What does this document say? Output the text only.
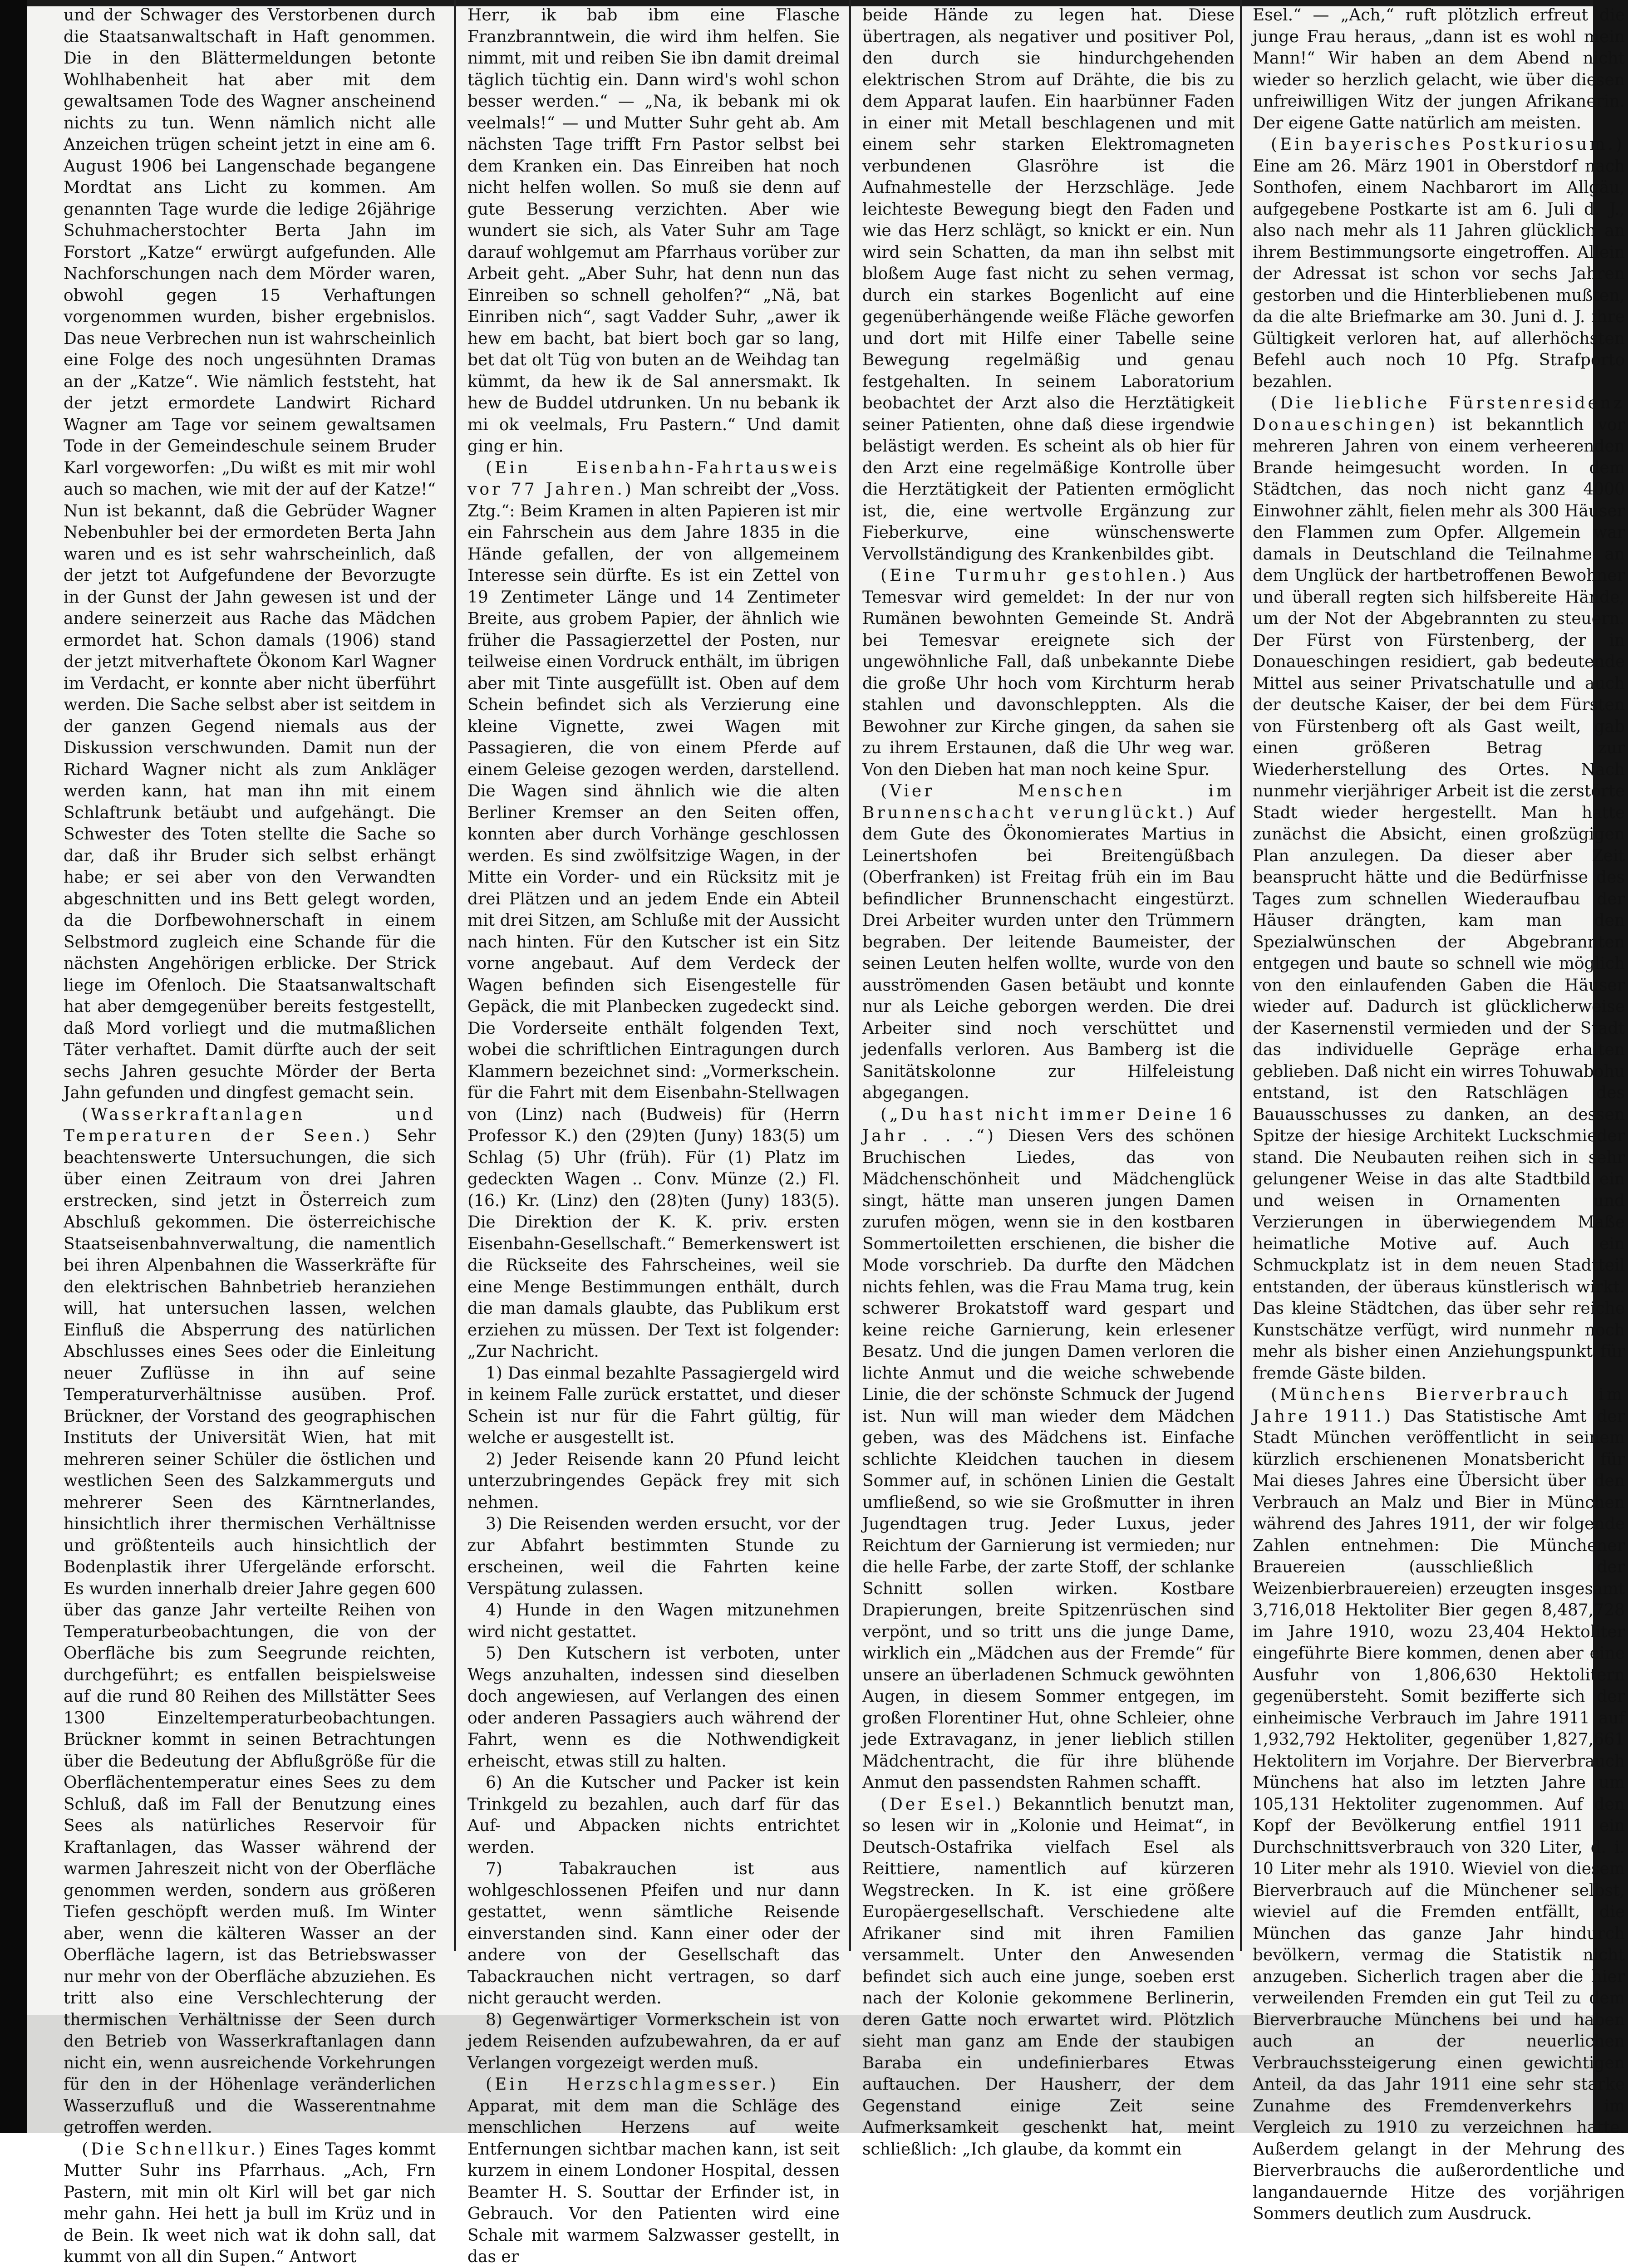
und der Schwager des Verstorbenen durch die Staatsanwaltschaft in Haft genommen. Die in den Blättermeldungen betonte Wohlhabenheit hat aber mit dem gewaltsamen Tode des Wagner anscheinend nichts zu tun. Wenn nämlich nicht alle Anzeichen trügen scheint jetzt in eine am 6. August 1906 bei Langenschade begangene Mordtat ans Licht zu kommen. Am genannten Tage wurde die ledige 26jährige Schuhmacherstochter Berta Jahn im Forstort „Katze“ erwürgt aufgefunden. Alle Nachforschungen nach dem Mörder waren, obwohl gegen 15 Verhaftungen vorgenommen wurden, bisher ergebnislos. Das neue Verbrechen nun ist wahrscheinlich eine Folge des noch ungesühnten Dramas an der „Katze“. Wie nämlich feststeht, hat der jetzt ermordete Landwirt Richard Wagner am Tage vor seinem gewaltsamen Tode in der Gemeindeschule seinem Bruder Karl vorgeworfen: „Du wißt es mit mir wohl auch so machen, wie mit der auf der Katze!“ Nun ist bekannt, daß die Gebrüder Wagner Nebenbuhler bei der ermordeten Berta Jahn waren und es ist sehr wahrscheinlich, daß der jetzt tot Aufgefundene der Bevorzugte in der Gunst der Jahn gewesen ist und der andere seinerzeit aus Rache das Mädchen ermordet hat. Schon damals (1906) stand der jetzt mitverhaftete Ökonom Karl Wagner im Verdacht, er konnte aber nicht überführt werden. Die Sache selbst aber ist seitdem in der ganzen Gegend niemals aus der Diskussion verschwunden. Damit nun der Richard Wagner nicht als zum Ankläger werden kann, hat man ihn mit einem Schlaftrunk betäubt und aufgehängt. Die Schwester des Toten stellte die Sache so dar, daß ihr Bruder sich selbst erhängt habe; er sei aber von den Verwandten abgeschnitten und ins Bett gelegt worden, da die Dorfbewohnerschaft in einem Selbstmord zugleich eine Schande für die nächsten Angehörigen erblicke. Der Strick liege im Ofenloch. Die Staatsanwaltschaft hat aber demgegenüber bereits festgestellt, daß Mord vorliegt und die mutmaßlichen Täter verhaftet. Damit dürfte auch der seit sechs Jahren gesuchte Mörder der Berta Jahn gefunden und dingfest gemacht sein.

(Wasserkraftanlagen und Temperaturen der Seen.) Sehr beachtenswerte Untersuchungen, die sich über einen Zeitraum von drei Jahren erstrecken, sind jetzt in Österreich zum Abschluß gekommen. Die österreichische Staatseisenbahnverwaltung, die namentlich bei ihren Alpenbahnen die Wasserkräfte für den elektrischen Bahnbetrieb heranziehen will, hat untersuchen lassen, welchen Einfluß die Absperrung des natürlichen Abschlusses eines Sees oder die Einleitung neuer Zuflüsse in ihn auf seine Temperaturverhältnisse ausüben. Prof. Brückner, der Vorstand des geographischen Instituts der Universität Wien, hat mit mehreren seiner Schüler die östlichen und westlichen Seen des Salzkammerguts und mehrerer Seen des Kärntnerlandes, hinsichtlich ihrer thermischen Verhältnisse und größtenteils auch hinsichtlich der Bodenplastik ihrer Ufergelände erforscht. Es wurden innerhalb dreier Jahre gegen 600 über das ganze Jahr verteilte Reihen von Temperaturbeobachtungen, die von der Oberfläche bis zum Seegrunde reichten, durchgeführt; es entfallen beispielsweise auf die rund 80 Reihen des Millstätter Sees 1300 Einzeltemperaturbeobachtungen. Brückner kommt in seinen Betrachtungen über die Bedeutung der Abflußgröße für die Oberflächentemperatur eines Sees zu dem Schluß, daß im Fall der Benutzung eines Sees als natürliches Reservoir für Kraftanlagen, das Wasser während der warmen Jahreszeit nicht von der Oberfläche genommen werden, sondern aus größeren Tiefen geschöpft werden muß. Im Winter aber, wenn die kälteren Wasser an der Oberfläche lagern, ist das Betriebswasser nur mehr von der Oberfläche abzuziehen. Es tritt also eine Verschlechterung der thermischen Verhältnisse der Seen durch den Betrieb von Wasserkraftanlagen dann nicht ein, wenn ausreichende Vorkehrungen für den in der Höhenlage veränderlichen Wasserzufluß und die Wasserentnahme getroffen werden.

(Die Schnellkur.) Eines Tages kommt Mutter Suhr ins Pfarrhaus. „Ach, Frn Pastern, mit min olt Kirl will bet gar nich mehr gahn. Hei hett ja bull im Krüz und in de Bein. Ik weet nich wat ik dohn sall, dat kummt von all din Supen.“ Antwort

Herr, ik bab ibm eine Flasche Franzbranntwein, die wird ihm helfen. Sie nimmt, mit und reiben Sie ibn damit dreimal täglich tüchtig ein. Dann wird's wohl schon besser werden.“ — „Na, ik bebank mi ok veelmals!“ — und Mutter Suhr geht ab. Am nächsten Tage trifft Frn Pastor selbst bei dem Kranken ein. Das Einreiben hat noch nicht helfen wollen. So muß sie denn auf gute Besserung verzichten. Aber wie wundert sie sich, als Vater Suhr am Tage darauf wohlgemut am Pfarrhaus vorüber zur Arbeit geht. „Aber Suhr, hat denn nun das Einreiben so schnell geholfen?“ „Nä, bat Einriben nich“, sagt Vadder Suhr, „awer ik hew em bacht, bat biert boch gar so lang, bet dat olt Tüg von buten an de Weihdag tan kümmt, da hew ik de Sal annersmakt. Ik hew de Buddel utdrunken. Un nu bebank ik mi ok veelmals, Fru Pastern.“ Und damit ging er hin.

(Ein Eisenbahn-Fahrtausweis vor 77 Jahren.) Man schreibt der „Voss. Ztg.“: Beim Kramen in alten Papieren ist mir ein Fahrschein aus dem Jahre 1835 in die Hände gefallen, der von allgemeinem Interesse sein dürfte. Es ist ein Zettel von 19 Zentimeter Länge und 14 Zentimeter Breite, aus grobem Papier, der ähnlich wie früher die Passagierzettel der Posten, nur teilweise einen Vordruck enthält, im übrigen aber mit Tinte ausgefüllt ist. Oben auf dem Schein befindet sich als Verzierung eine kleine Vignette, zwei Wagen mit Passagieren, die von einem Pferde auf einem Geleise gezogen werden, darstellend. Die Wagen sind ähnlich wie die alten Berliner Kremser an den Seiten offen, konnten aber durch Vorhänge geschlossen werden. Es sind zwölfsitzige Wagen, in der Mitte ein Vorder- und ein Rücksitz mit je drei Plätzen und an jedem Ende ein Abteil mit drei Sitzen, am Schluße mit der Aussicht nach hinten. Für den Kutscher ist ein Sitz vorne angebaut. Auf dem Verdeck der Wagen befinden sich Eisengestelle für Gepäck, die mit Planbecken zugedeckt sind. Die Vorderseite enthält folgenden Text, wobei die schriftlichen Eintragungen durch Klammern bezeichnet sind: „Vormerkschein. für die Fahrt mit dem Eisenbahn-Stellwagen von (Linz) nach (Budweis) für (Herrn Professor K.) den (29)ten (Juny) 183(5) um Schlag (5) Uhr (früh). Für (1) Platz im gedeckten Wagen .. Conv. Münze (2.) Fl. (16.) Kr. (Linz) den (28)ten (Juny) 183(5). Die Direktion der K. K. priv. ersten Eisenbahn-Gesellschaft.“ Bemerkenswert ist die Rückseite des Fahrscheines, weil sie eine Menge Bestimmungen enthält, durch die man damals glaubte, das Publikum erst erziehen zu müssen. Der Text ist folgender: „Zur Nachricht.

1) Das einmal bezahlte Passagiergeld wird in keinem Falle zurück erstattet, und dieser Schein ist nur für die Fahrt gültig, für welche er ausgestellt ist.

2) Jeder Reisende kann 20 Pfund leicht unterzubringendes Gepäck frey mit sich nehmen.

3) Die Reisenden werden ersucht, vor der zur Abfahrt bestimmten Stunde zu erscheinen, weil die Fahrten keine Verspätung zulassen.

4) Hunde in den Wagen mitzunehmen wird nicht gestattet.

5) Den Kutschern ist verboten, unter Wegs anzuhalten, indessen sind dieselben doch angewiesen, auf Verlangen des einen oder anderen Passagiers auch während der Fahrt, wenn es die Nothwendigkeit erheischt, etwas still zu halten.

6) An die Kutscher und Packer ist kein Trinkgeld zu bezahlen, auch darf für das Auf- und Abpacken nichts entrichtet werden.

7) Tabakrauchen ist aus wohlgeschlossenen Pfeifen und nur dann gestattet, wenn sämtliche Reisende einverstanden sind. Kann einer oder der andere von der Gesellschaft das Tabackrauchen nicht vertragen, so darf nicht geraucht werden.

8) Gegenwärtiger Vormerkschein ist von jedem Reisenden aufzubewahren, da er auf Verlangen vorgezeigt werden muß.

(Ein Herzschlagmesser.) Ein Apparat, mit dem man die Schläge des menschlichen Herzens auf weite Entfernungen sichtbar machen kann, ist seit kurzem in einem Londoner Hospital, dessen Beamter H. S. Souttar der Erfinder ist, in Gebrauch. Vor den Patienten wird eine Schale mit warmem Salzwasser gestellt, in das er

beide Hände zu legen hat. Diese übertragen, als negativer und positiver Pol, den durch sie hindurchgehenden elektrischen Strom auf Drähte, die bis zu dem Apparat laufen. Ein haarbünner Faden in einer mit Metall beschlagenen und mit einem sehr starken Elektromagneten verbundenen Glasröhre ist die Aufnahmestelle der Herzschläge. Jede leichteste Bewegung biegt den Faden und wie das Herz schlägt, so knickt er ein. Nun wird sein Schatten, da man ihn selbst mit bloßem Auge fast nicht zu sehen vermag, durch ein starkes Bogenlicht auf eine gegenüberhängende weiße Fläche geworfen und dort mit Hilfe einer Tabelle seine Bewegung regelmäßig und genau festgehalten. In seinem Laboratorium beobachtet der Arzt also die Herztätigkeit seiner Patienten, ohne daß diese irgendwie belästigt werden. Es scheint als ob hier für den Arzt eine regelmäßige Kontrolle über die Herztätigkeit der Patienten ermöglicht ist, die, eine wertvolle Ergänzung zur Fieberkurve, eine wünschenswerte Vervollständigung des Krankenbildes gibt.

(Eine Turmuhr gestohlen.) Aus Temesvar wird gemeldet: In der nur von Rumänen bewohnten Gemeinde St. Andrä bei Temesvar ereignete sich der ungewöhnliche Fall, daß unbekannte Diebe die große Uhr hoch vom Kirchturm herab stahlen und davonschleppten. Als die Bewohner zur Kirche gingen, da sahen sie zu ihrem Erstaunen, daß die Uhr weg war. Von den Dieben hat man noch keine Spur.

(Vier Menschen im Brunnenschacht verunglückt.) Auf dem Gute des Ökonomierates Martius in Leinertshofen bei Breitengüßbach (Oberfranken) ist Freitag früh ein im Bau befindlicher Brunnenschacht eingestürzt. Drei Arbeiter wurden unter den Trümmern begraben. Der leitende Baumeister, der seinen Leuten helfen wollte, wurde von den ausströmenden Gasen betäubt und konnte nur als Leiche geborgen werden. Die drei Arbeiter sind noch verschüttet und jedenfalls verloren. Aus Bamberg ist die Sanitätskolonne zur Hilfeleistung abgegangen.

(„Du hast nicht immer Deine 16 Jahr . . .“) Diesen Vers des schönen Bruchischen Liedes, das von Mädchenschönheit und Mädchenglück singt, hätte man unseren jungen Damen zurufen mögen, wenn sie in den kostbaren Sommertoiletten erschienen, die bisher die Mode vorschrieb. Da durfte den Mädchen nichts fehlen, was die Frau Mama trug, kein schwerer Brokatstoff ward gespart und keine reiche Garnierung, kein erlesener Besatz. Und die jungen Damen verloren die lichte Anmut und die weiche schwebende Linie, die der schönste Schmuck der Jugend ist. Nun will man wieder dem Mädchen geben, was des Mädchens ist. Einfache schlichte Kleidchen tauchen in diesem Sommer auf, in schönen Linien die Gestalt umfließend, so wie sie Großmutter in ihren Jugendtagen trug. Jeder Luxus, jeder Reichtum der Garnierung ist vermieden; nur die helle Farbe, der zarte Stoff, der schlanke Schnitt sollen wirken. Kostbare Drapierungen, breite Spitzenrüschen sind verpönt, und so tritt uns die junge Dame, wirklich ein „Mädchen aus der Fremde“ für unsere an überladenen Schmuck gewöhnten Augen, in diesem Sommer entgegen, im großen Florentiner Hut, ohne Schleier, ohne jede Extravaganz, in jener lieblich stillen Mädchentracht, die für ihre blühende Anmut den passendsten Rahmen schafft.

(Der Esel.) Bekanntlich benutzt man, so lesen wir in „Kolonie und Heimat“, in Deutsch-Ostafrika vielfach Esel als Reittiere, namentlich auf kürzeren Wegstrecken. In K. ist eine größere Europäergesellschaft. Verschiedene alte Afrikaner sind mit ihren Familien versammelt. Unter den Anwesenden befindet sich auch eine junge, soeben erst nach der Kolonie gekommene Berlinerin, deren Gatte noch erwartet wird. Plötzlich sieht man ganz am Ende der staubigen Baraba ein undefinierbares Etwas auftauchen. Der Hausherr, der dem Gegenstand einige Zeit seine Aufmerksamkeit geschenkt hat, meint schließlich: „Ich glaube, da kommt ein

Esel.“ — „Ach,“ ruft plötzlich erfreut die junge Frau heraus, „dann ist es wohl mein Mann!“ Wir haben an dem Abend nicht wieder so herzlich gelacht, wie über diesen unfreiwilligen Witz der jungen Afrikanerin. Der eigene Gatte natürlich am meisten.

(Ein bayerisches Postkuriosum.) Eine am 26. März 1901 in Oberstdorf nach Sonthofen, einem Nachbarort im Allgäu, aufgegebene Postkarte ist am 6. Juli d. J., also nach mehr als 11 Jahren glücklich an ihrem Bestimmungsorte eingetroffen. Allein der Adressat ist schon vor sechs Jahren gestorben und die Hinterbliebenen mußten, da die alte Briefmarke am 30. Juni d. J. ihre Gültigkeit verloren hat, auf allerhöchsten Befehl auch noch 10 Pfg. Strafporto bezahlen.

(Die liebliche Fürstenresidenz Donaueschingen) ist bekanntlich vor mehreren Jahren von einem verheerenden Brande heimgesucht worden. In dem Städtchen, das noch nicht ganz 4000 Einwohner zählt, fielen mehr als 300 Häuser den Flammen zum Opfer. Allgemein war damals in Deutschland die Teilnahme an dem Unglück der hartbetroffenen Bewohner und überall regten sich hilfsbereite Hände, um der Not der Abgebrannten zu steuern. Der Fürst von Fürstenberg, der in Donaueschingen residiert, gab bedeutende Mittel aus seiner Privatschatulle und auch der deutsche Kaiser, der bei dem Fürsten von Fürstenberg oft als Gast weilt, gab einen größeren Betrag zur Wiederherstellung des Ortes. Nach nunmehr vierjähriger Arbeit ist die zerstörte Stadt wieder hergestellt. Man hatte zunächst die Absicht, einen großzügigen Plan anzulegen. Da dieser aber Zeit beansprucht hätte und die Bedürfnisse des Tages zum schnellen Wiederaufbau der Häuser drängten, kam man den Spezialwünschen der Abgebrannten entgegen und baute so schnell wie möglich von den einlaufenden Gaben die Häuser wieder auf. Dadurch ist glücklicherweise der Kasernenstil vermieden und der Stadt das individuelle Gepräge erhalten geblieben. Daß nicht ein wirres Tohuwabohu entstand, ist den Ratschlägen des Bauausschusses zu danken, an dessen Spitze der hiesige Architekt Luckschmieder stand. Die Neubauten reihen sich in sehr gelungener Weise in das alte Stadtbild ein und weisen in Ornamenten und Verzierungen in überwiegendem Maße heimatliche Motive auf. Auch ein Schmuckplatz ist in dem neuen Stadtteil entstanden, der überaus künstlerisch wirkt. Das kleine Städtchen, das über sehr reiche Kunstschätze verfügt, wird nunmehr noch mehr als bisher einen Anziehungspunkt für fremde Gäste bilden.

(Münchens Bierverbrauch im Jahre 1911.) Das Statistische Amt der Stadt München veröffentlicht in seinem kürzlich erschienenen Monatsbericht für Mai dieses Jahres eine Übersicht über den Verbrauch an Malz und Bier in München während des Jahres 1911, der wir folgende Zahlen entnehmen: Die Münchener Brauereien (ausschließlich der Weizenbierbrauereien) erzeugten insgesamt 3,716,018 Hektoliter Bier gegen 8,487,728 im Jahre 1910, wozu 23,404 Hektoliter eingeführte Biere kommen, denen aber eine Ausfuhr von 1,806,630 Hektolitern gegenübersteht. Somit bezifferte sich der einheimische Verbrauch im Jahre 1911 auf 1,932,792 Hektoliter, gegenüber 1,827,661 Hektolitern im Vorjahre. Der Bierverbrauch Münchens hat also im letzten Jahre um 105,131 Hektoliter zugenommen. Auf den Kopf der Bevölkerung entfiel 1911 ein Durchschnittsverbrauch von 320 Liter, d. i. 10 Liter mehr als 1910. Wieviel von diesem Bierverbrauch auf die Münchener selbst, wieviel auf die Fremden entfällt, die München das ganze Jahr hindurch bevölkern, vermag die Statistik nicht anzugeben. Sicherlich tragen aber die hier verweilenden Fremden ein gut Teil zu dem Bierverbrauche Münchens bei und haben auch an der neuerlichen Verbrauchssteigerung einen gewichtigen Anteil, da das Jahr 1911 eine sehr starke Zunahme des Fremdenverkehrs im Vergleich zu 1910 zu verzeichnen hatte. Außerdem gelangt in der Mehrung des Bierverbrauchs die außerordentliche und langandauernde Hitze des vorjährigen Sommers deutlich zum Ausdruck.
